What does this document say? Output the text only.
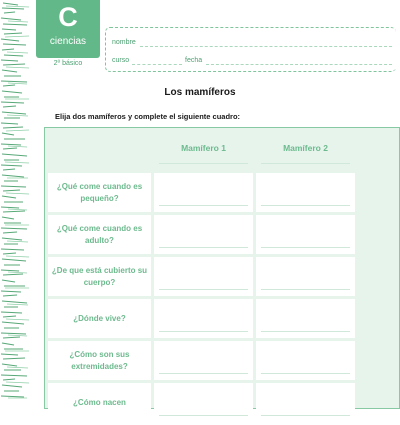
C
ciencias
2º básico
nombre
curso	fecha
Los mamíferos
Elija dos mamíferos y complete el siguiente cuadro:

	Mamífero 1	Mamífero 2

¿Qué come cuando es pequeño?	

¿Qué come cuando es adulto?	

¿De que está cubierto su cuerpo?	

¿Dónde vive?	

¿Cómo son sus extremidades?	

¿Cómo nacen	
